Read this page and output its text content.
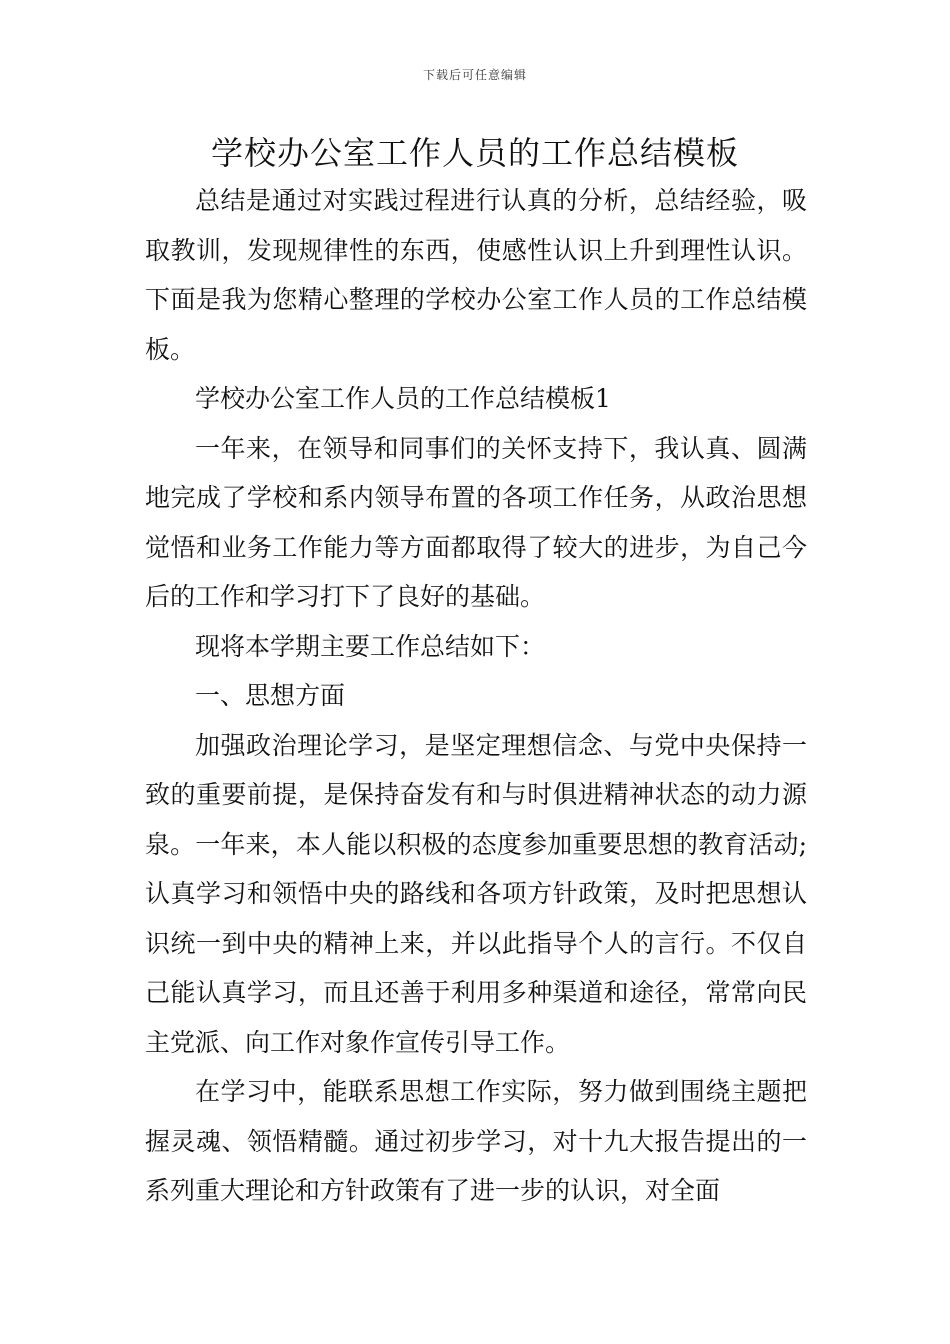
下载后可任意编辑
学校办公室工作人员的工作总结模板

总结是通过对实践过程进行认真的分析，总结经验，吸取教训，发现规律性的东西，使感性认识上升到理性认识。下面是我为您精心整理的学校办公室工作人员的工作总结模板。

学校办公室工作人员的工作总结模板1

一年来，在领导和同事们的关怀支持下，我认真、圆满地完成了学校和系内领导布置的各项工作任务，从政治思想觉悟和业务工作能力等方面都取得了较大的进步，为自己今后的工作和学习打下了良好的基础。

现将本学期主要工作总结如下：

一、思想方面

加强政治理论学习，是坚定理想信念、与党中央保持一致的重要前提，是保持奋发有和与时俱进精神状态的动力源泉。一年来，本人能以积极的态度参加重要思想的教育活动;认真学习和领悟中央的路线和各项方针政策，及时把思想认识统一到中央的精神上来，并以此指导个人的言行。不仅自己能认真学习，而且还善于利用多种渠道和途径，常常向民主党派、向工作对象作宣传引导工作。

在学习中，能联系思想工作实际，努力做到围绕主题把握灵魂、领悟精髓。通过初步学习，对十九大报告提出的一系列重大理论和方针政策有了进一步的认识，对全面
